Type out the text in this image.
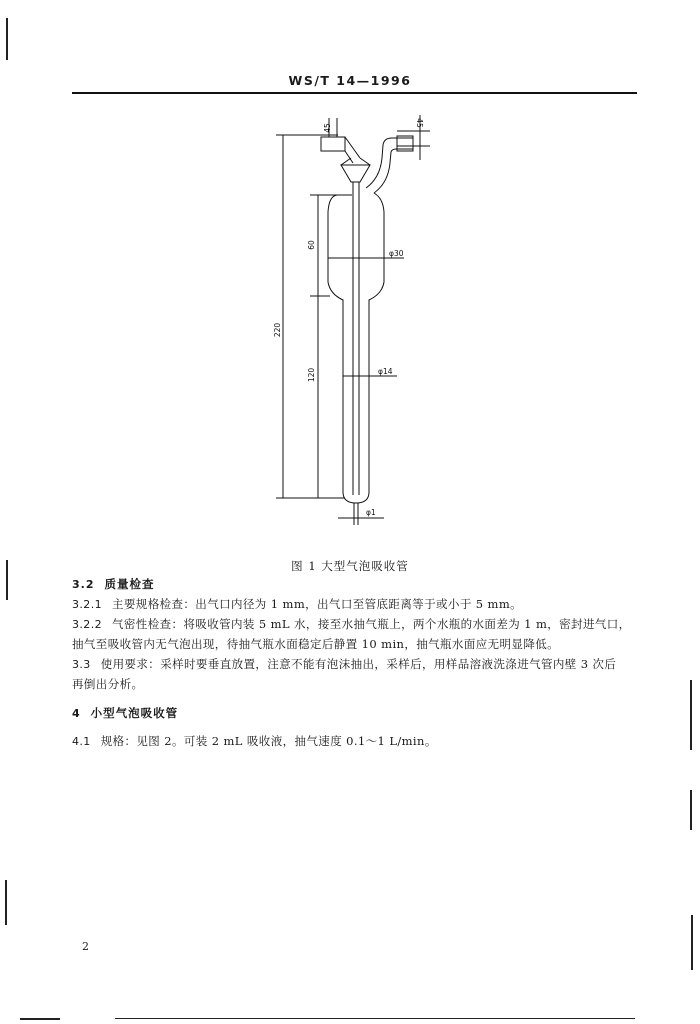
WS/T 14—1996
45
45
220
60
120
φ30
φ14
φ1
图 1 大型气泡吸收管
3.2 质量检查
3.2.1 主要规格检查：出气口内径为 1 mm，出气口至管底距离等于或小于 5 mm。
3.2.2 气密性检查：将吸收管内装 5 mL 水，接至水抽气瓶上，两个水瓶的水面差为 1 m，密封进气口，
抽气至吸收管内无气泡出现，待抽气瓶水面稳定后静置 10 min，抽气瓶水面应无明显降低。
3.3 使用要求：采样时要垂直放置，注意不能有泡沫抽出，采样后，用样品溶液洗涤进气管内壁 3 次后
再倒出分析。
4 小型气泡吸收管
4.1 规格：见图 2。可装 2 mL 吸收液，抽气速度 0.1～1 L/min。
2
